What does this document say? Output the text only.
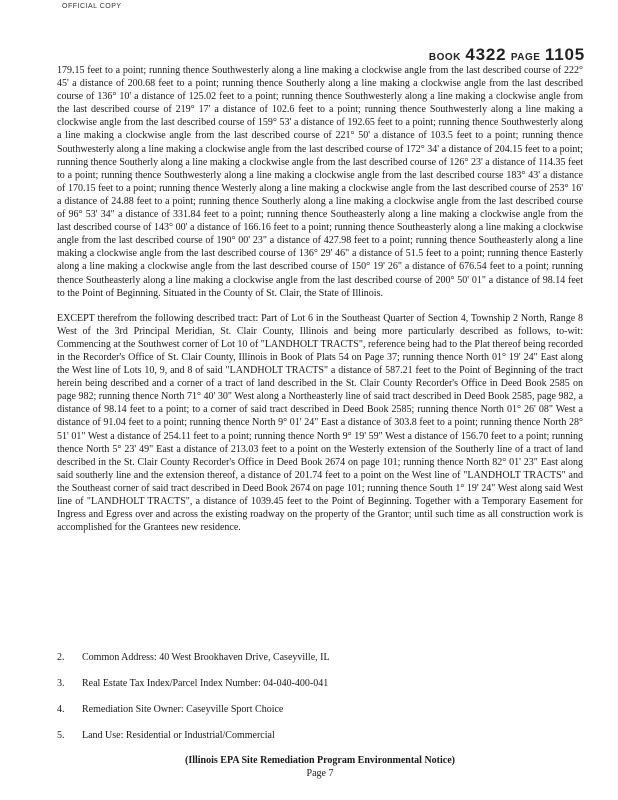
OFFICIAL COPY
BOOK 4322 PAGE 1105

179.15 feet to a point; running thence Southwesterly along a line making a clockwise angle from the last described course of 222° 45' a distance of 200.68 feet to a point; running thence Southerly along a line making a clockwise angle from the last described course of 136° 10' a distance of 125.02 feet to a point; running thence Southwesterly along a line making a clockwise angle from the last described course of 219° 17' a distance of 102.6 feet to a point; running thence Southwesterly along a line making a clockwise angle from the last described course of 159° 53' a distance of 192.65 feet to a point; running thence Southwesterly along a line making a clockwise angle from the last described course of 221° 50' a distance of 103.5 feet to a point; running thence Southwesterly along a line making a clockwise angle from the last described course of 172° 34' a distance of 204.15 feet to a point; running thence Southerly along a line making a clockwise angle from the last described course of 126° 23' a distance of 114.35 feet to a point; running thence Southwesterly along a line making a clockwise angle from the last described course 183° 43' a distance of 170.15 feet to a point; running thence Westerly along a line making a clockwise angle from the last described course of 253° 16' a distance of 24.88 feet to a point; running thence Southerly along a line making a clockwise angle from the last described course of 96° 53' 34" a distance of 331.84 feet to a point; running thence Southeasterly along a line making a clockwise angle from the last described course of 143° 00' a distance of 166.16 feet to a point; running thence Southeasterly along a line making a clockwise angle from the last described course of 190° 00' 23" a distance of 427.98 feet to a point; running thence Southeasterly along a line making a clockwise angle from the last described course of 136° 29' 46" a distance of 51.5 feet to a point; running thence Easterly along a line making a clockwise angle from the last described course of 150° 19' 26" a distance of 676.54 feet to a point; running thence Southeasterly along a line making a clockwise angle from the last described course of 200° 50' 01" a distance of 98.14 feet to the Point of Beginning. Situated in the County of St. Clair, the State of Illinois.

EXCEPT therefrom the following described tract: Part of Lot 6 in the Southeast Quarter of Section 4, Township 2 North, Range 8 West of the 3rd Principal Meridian, St. Clair County, Illinois and being more particularly described as follows, to-wit: Commencing at the Southwest corner of Lot 10 of "LANDHOLT TRACTS", reference being had to the Plat thereof being recorded in the Recorder's Office of St. Clair County, Illinois in Book of Plats 54 on Page 37; running thence North 01° 19' 24" East along the West line of Lots 10, 9, and 8 of said "LANDHOLT TRACTS" a distance of 587.21 feet to the Point of Beginning of the tract herein being described and a corner of a tract of land described in the St. Clair County Recorder's Office in Deed Book 2585 on page 982; running thence North 71° 40' 30" West along a Northeasterly line of said tract described in Deed Book 2585, page 982, a distance of 98.14 feet to a point; to a corner of said tract described in Deed Book 2585; running thence North 01° 26' 08" West a distance of 91.04 feet to a point; running thence North 9° 01' 24" East a distance of 303.8 feet to a point; running thence North 28° 51' 01" West a distance of 254.11 feet to a point; running thence North 9° 19' 59" West a distance of 156.70 feet to a point; running thence North 5° 23' 49" East a distance of 213.03 feet to a point on the Westerly extension of the Southerly line of a tract of land described in the St. Clair County Recorder's Office in Deed Book 2674 on page 101; running thence North 82° 01' 23" East along said southerly line and the extension thereof, a distance of 201.74 feet to a point on the West line of "LANDHOLT TRACTS" and the Southeast corner of said tract described in Deed Book 2674 on page 101; running thence South 1° 19' 24" West along said West line of "LANDHOLT TRACTS", a distance of 1039.45 feet to the Point of Beginning. Together with a Temporary Easement for Ingress and Egress over and across the existing roadway on the property of the Grantor; until such time as all construction work is accomplished for the Grantees new residence.

2. Common Address: 40 West Brookhaven Drive, Caseyville, IL
3. Real Estate Tax Index/Parcel Index Number: 04-040-400-041
4. Remediation Site Owner: Caseyville Sport Choice
5. Land Use: Residential or Industrial/Commercial
(Illinois EPA Site Remediation Program Environmental Notice)
Page 7
